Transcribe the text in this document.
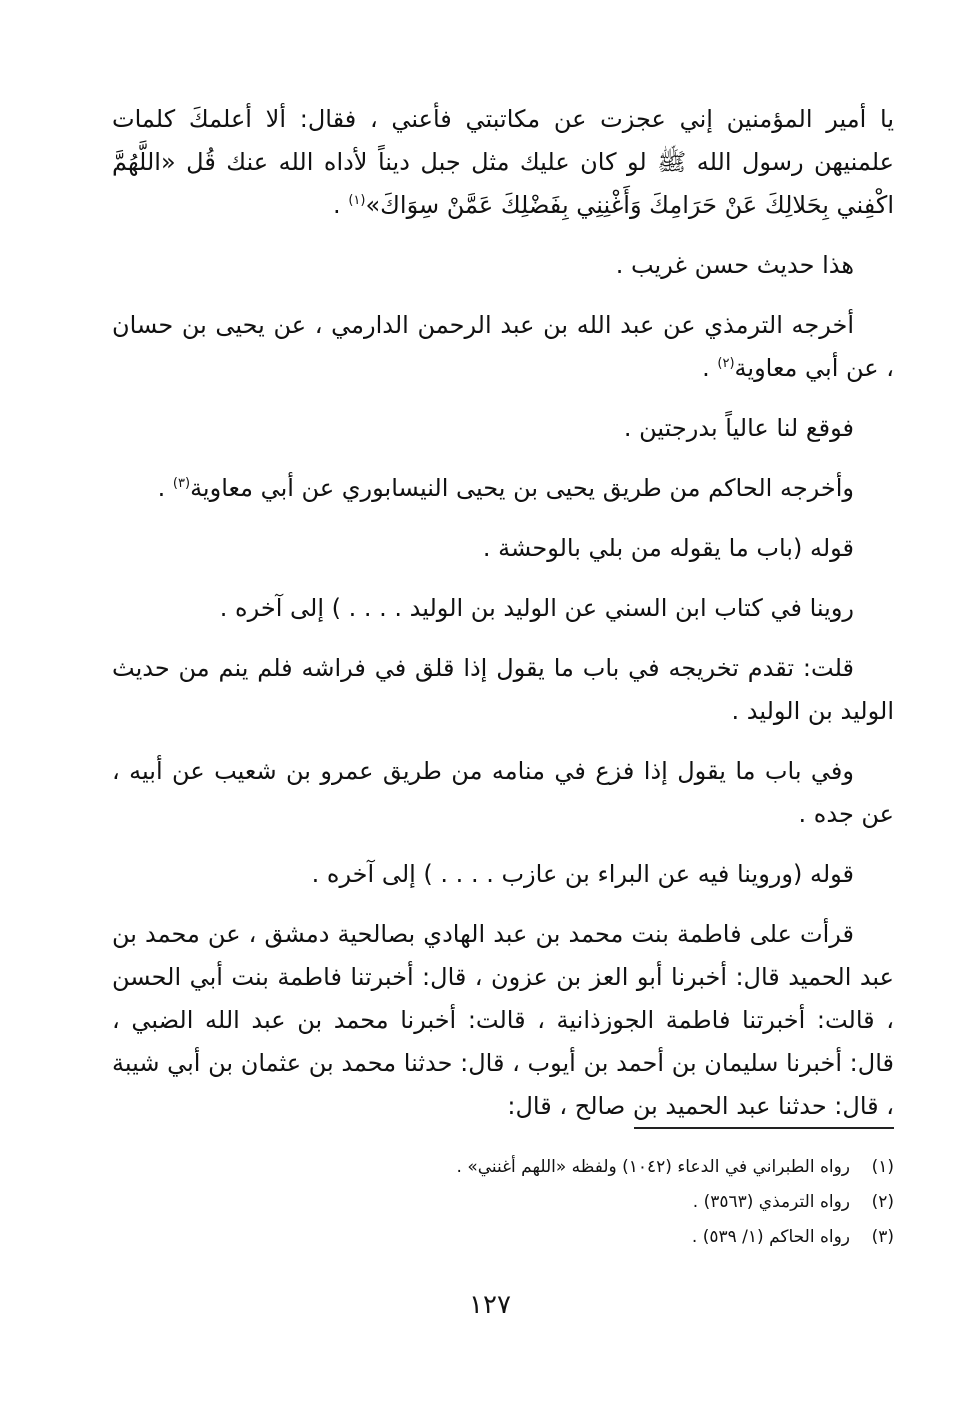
يا أمير المؤمنين إني عجزت عن مكاتبتي فأعني ، فقال: ألا أعلمكَ كلمات علمنيهن رسول الله ﷺ لو كان عليك مثل جبل ديناً لأداه الله عنك قُل «اللَّهُمَّ اكْفِني بِحَلالِكَ عَنْ حَرَامِكَ وَأَغْنِنِي بِفَضْلِكَ عَمَّنْ سِوَاكَ»$^{(١)}$ .

هذا حديث حسن غريب .

أخرجه الترمذي عن عبد الله بن عبد الرحمن الدارمي ، عن يحيى بن حسان ، عن أبي معاوية$^{(٢)}$ .

فوقع لنا عالياً بدرجتين .

وأخرجه الحاكم من طريق يحيى بن يحيى النيسابوري عن أبي معاوية$^{(٣)}$ .

قوله (باب ما يقوله من بلي بالوحشة .

روينا في كتاب ابن السني عن الوليد بن الوليد . . . . ) إلى آخره .

قلت: تقدم تخريجه في باب ما يقول إذا قلق في فراشه فلم ينم من حديث الوليد بن الوليد .

وفي باب ما يقول إذا فزع في منامه من طريق عمرو بن شعيب عن أبيه ، عن جده .

قوله (وروينا فيه عن البراء بن عازب . . . . ) إلى آخره .

قرأت على فاطمة بنت محمد بن عبد الهادي بصالحية دمشق ، عن محمد بن عبد الحميد قال: أخبرنا أبو العز بن عزون ، قال: أخبرتنا فاطمة بنت أبي الحسن ، قالت: أخبرتنا فاطمة الجوزذانية ، قالت: أخبرنا محمد بن عبد الله الضبي ، قال: أخبرنا سليمان بن أحمد بن أيوب ، قال: حدثنا محمد بن عثمان بن أبي شيبة ، قال: حدثنا عبد الحميد بن صالح ، قال:

(١)رواه الطبراني في الدعاء (١٠٤٢) ولفظه «اللهم أغنني» .
(٢)رواه الترمذي (٣٥٦٣) .
(٣)رواه الحاكم (١/ ٥٣٩) .
١٢٧
